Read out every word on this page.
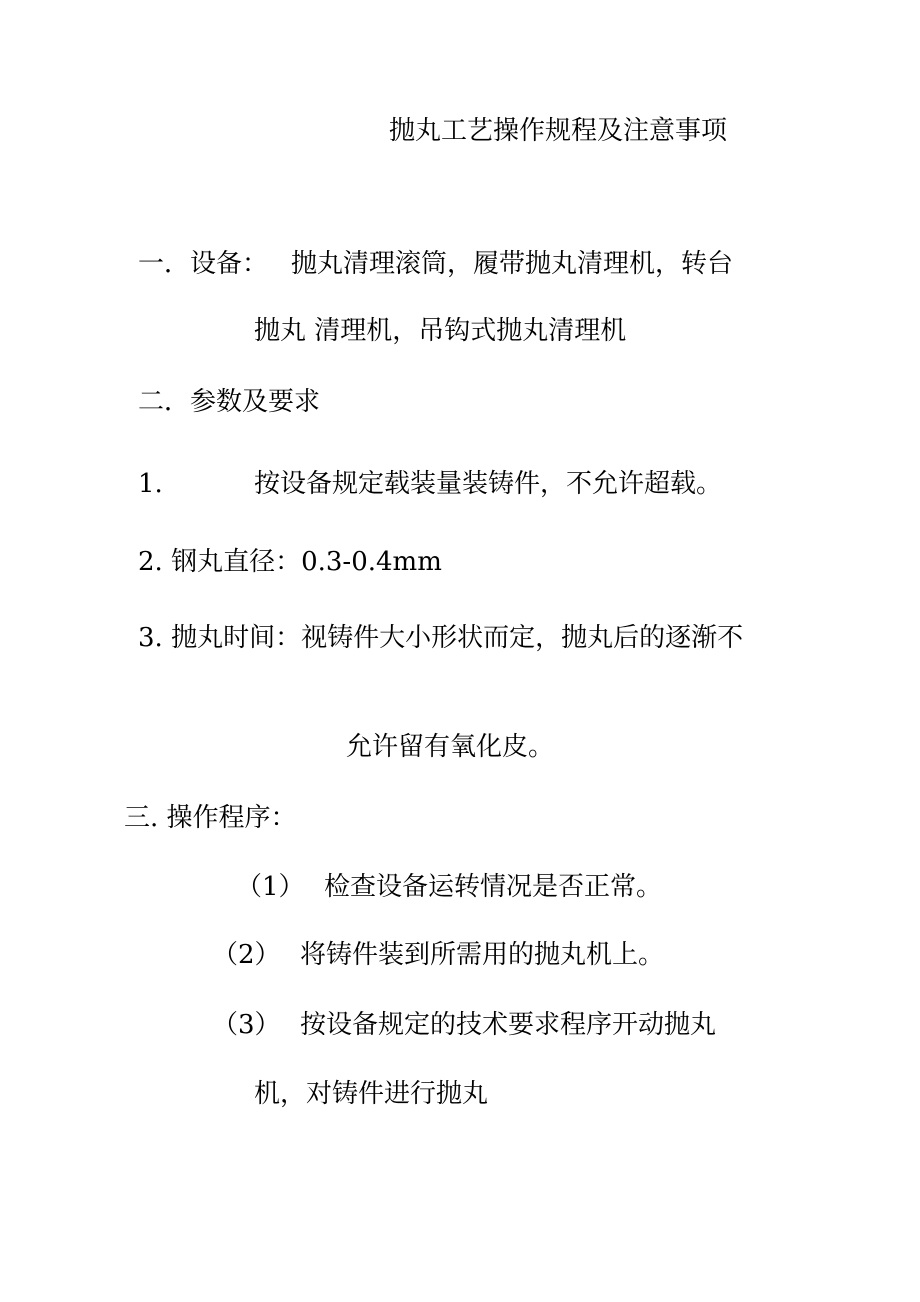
抛丸工艺操作规程及注意事项
一．设备： 抛丸清理滚筒，履带抛丸清理机，转台
抛丸 清理机，吊钩式抛丸清理机
二．参数及要求
1.	按设备规定载装量装铸件，不允许超载。
2. 钢丸直径：0.3-0.4mm
3. 抛丸时间：视铸件大小形状而定，抛丸后的逐渐不
允许留有氧化皮。
三. 操作程序：
（1） 检查设备运转情况是否正常。
（2） 将铸件装到所需用的抛丸机上。
（3） 按设备规定的技术要求程序开动抛丸
机，对铸件进行抛丸
